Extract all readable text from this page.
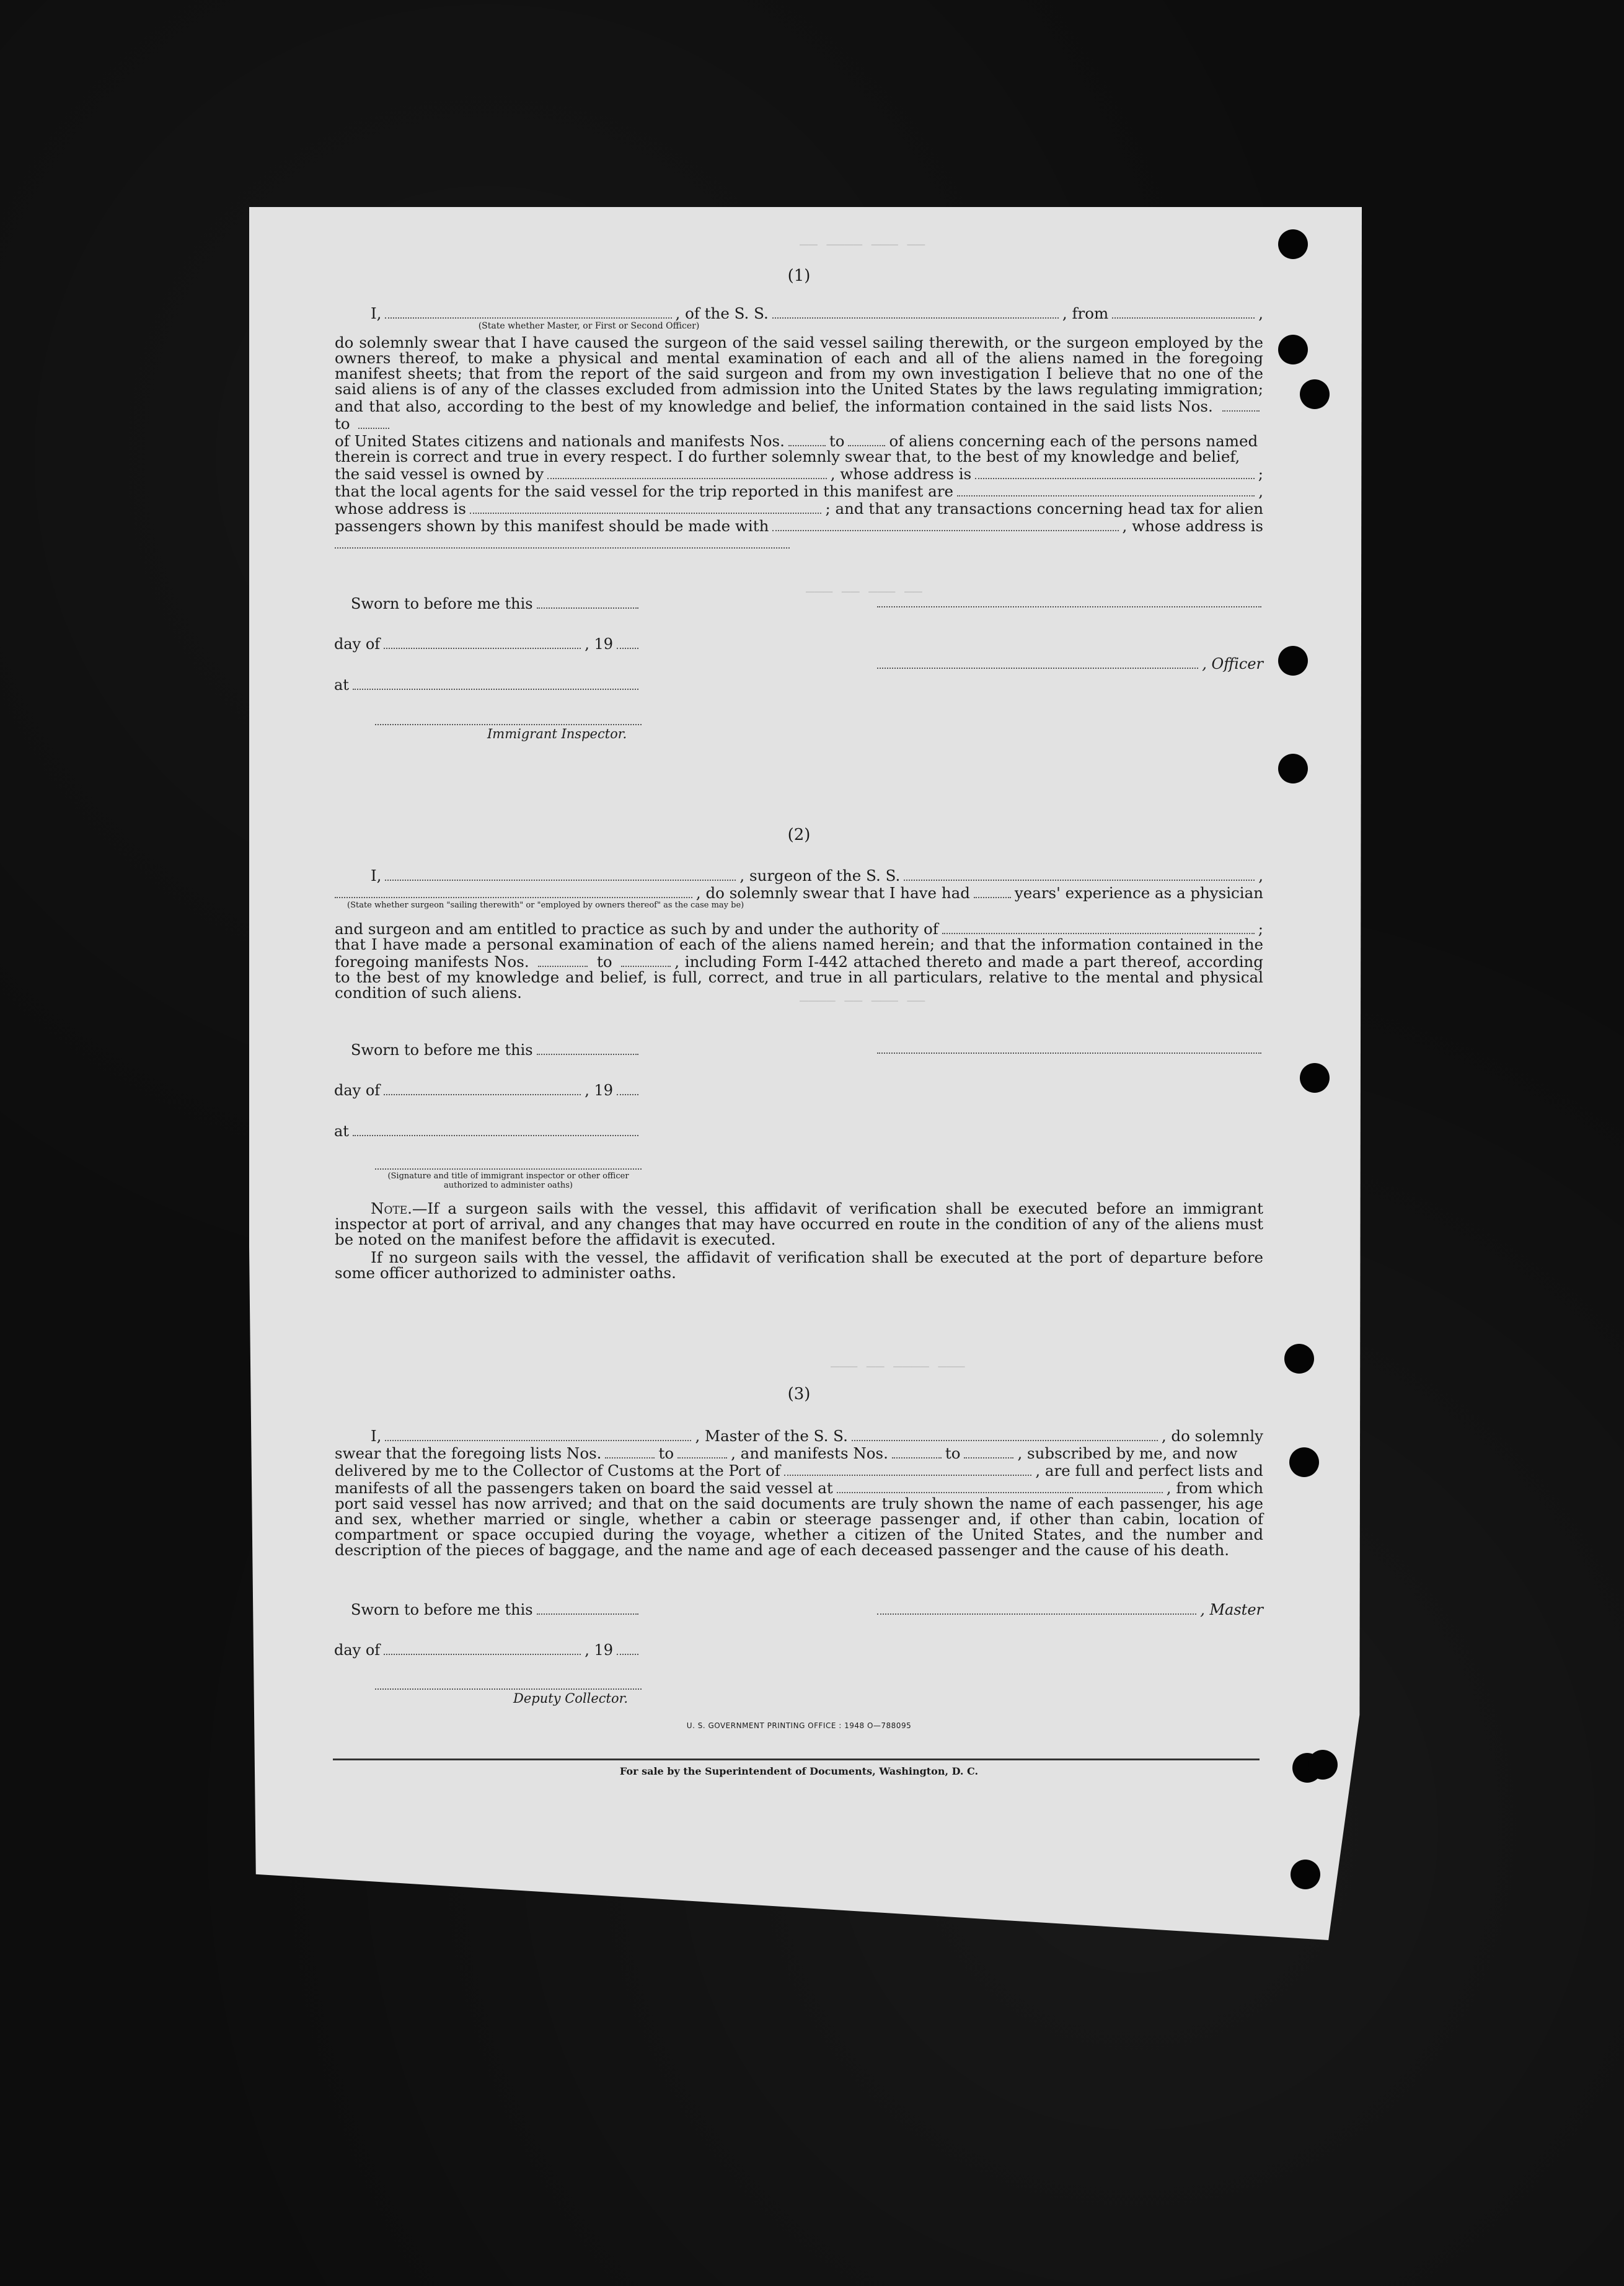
—— ———— ——— ——
——— —— ——— ——
———— —— ——— ——
——— —— ———— ———
(1)
I,	, of the S. S.	, from	,
(State whether Master, or First or Second Officer)

do solemnly swear that I have caused the surgeon of the said vessel sailing therewith, or the surgeon employed by the owners thereof, to make a physical and mental examination of each and all of the aliens named in the foregoing manifest sheets; that from the report of the said surgeon and from my own investigation I believe that no one of the said aliens is of any of the classes excluded from admission into the United States by the laws regulating immigration; and that also, according to the best of my knowledge and belief, the information contained in the said lists Nos.  to

of United States citizens and nationals and manifests Nos.	to	of aliens concerning each of the persons named
therein is correct and true in every respect. I do further solemnly swear that, to the best of my knowledge and belief,
the said vessel is owned by	, whose address is	;
that the local agents for the said vessel for the trip reported in this manifest are	,
whose address is	; and that any transactions concerning head tax for alien
passengers shown by this manifest should be made with	, whose address is
Sworn to before me this
day of	, 19
at
Immigrant Inspector.
, Officer
(2)
I,	, surgeon of the S. S.	,
, do solemnly swear that I have had	years' experience as a physician
(State whether surgeon "sailing therewith" or "employed by owners thereof" as the case may be)
and surgeon and am entitled to practice as such by and under the authority of	;

that I have made a personal examination of each of the aliens named herein; and that the information contained in the foregoing manifests Nos.	to	, including Form I-442 attached thereto and made a part thereof, according to the best of my knowledge and belief, is full, correct, and true in all particulars, relative to the mental and physical condition of such aliens.

Sworn to before me this
day of	, 19
at
(Signature and title of immigrant inspector or other officer authorized to administer oaths)

Note.—If a surgeon sails with the vessel, this affidavit of verification shall be executed before an immigrant inspector at port of arrival, and any changes that may have occurred en route in the condition of any of the aliens must be noted on the manifest before the affidavit is executed.

If no surgeon sails with the vessel, the affidavit of verification shall be executed at the port of departure before some officer authorized to administer oaths.

(3)
I,	, Master of the S. S.	, do solemnly
swear that the foregoing lists Nos.	to	, and manifests Nos.	to	, subscribed by me, and now
delivered by me to the Collector of Customs at the Port of	, are full and perfect lists and
manifests of all the passengers taken on board the said vessel at	, from which

port said vessel has now arrived; and that on the said documents are truly shown the name of each passenger, his age and sex, whether married or single, whether a cabin or steerage passenger and, if other than cabin, location of compartment or space occupied during the voyage, whether a citizen of the United States, and the number and description of the pieces of baggage, and the name and age of each deceased passenger and the cause of his death.

Sworn to before me this
day of	, 19
, Master
Deputy Collector.
U. S. GOVERNMENT PRINTING OFFICE : 1948 O—788095
For sale by the Superintendent of Documents, Washington, D. C.
